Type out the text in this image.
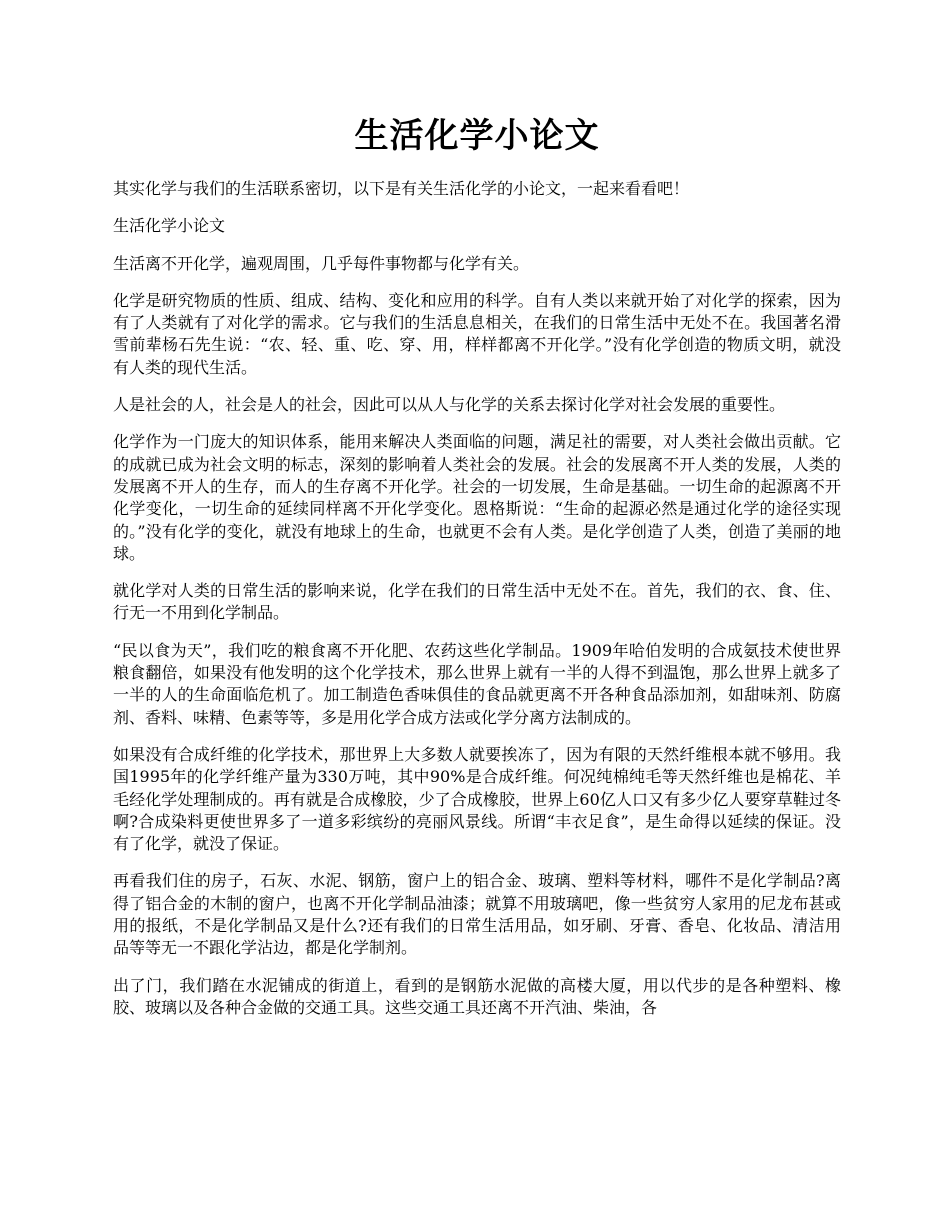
生活化学小论文

其实化学与我们的生活联系密切，以下是有关生活化学的小论文，一起来看看吧！

生活化学小论文

生活离不开化学，遍观周围，几乎每件事物都与化学有关。

化学是研究物质的性质、组成、结构、变化和应用的科学。自有人类以来就开始了对化学的探索，因为有了人类就有了对化学的需求。它与我们的生活息息相关，在我们的日常生活中无处不在。我国著名滑雪前辈杨石先生说：“农、轻、重、吃、穿、用，样样都离不开化学。”没有化学创造的物质文明，就没有人类的现代生活。

人是社会的人，社会是人的社会，因此可以从人与化学的关系去探讨化学对社会发展的重要性。

化学作为一门庞大的知识体系，能用来解决人类面临的问题，满足社的需要，对人类社会做出贡献。它的成就已成为社会文明的标志，深刻的影响着人类社会的发展。社会的发展离不开人类的发展，人类的发展离不开人的生存，而人的生存离不开化学。社会的一切发展，生命是基础。一切生命的起源离不开化学变化，一切生命的延续同样离不开化学变化。恩格斯说：“生命的起源必然是通过化学的途径实现的。”没有化学的变化，就没有地球上的生命，也就更不会有人类。是化学创造了人类，创造了美丽的地球。

就化学对人类的日常生活的影响来说，化学在我们的日常生活中无处不在。首先，我们的衣、食、住、行无一不用到化学制品。

“民以食为天”，我们吃的粮食离不开化肥、农药这些化学制品。1909年哈伯发明的合成氨技术使世界粮食翻倍，如果没有他发明的这个化学技术，那么世界上就有一半的人得不到温饱，那么世界上就多了一半的人的生命面临危机了。加工制造色香味俱佳的食品就更离不开各种食品添加剂，如甜味剂、防腐剂、香料、味精、色素等等，多是用化学合成方法或化学分离方法制成的。

如果没有合成纤维的化学技术，那世界上大多数人就要挨冻了，因为有限的天然纤维根本就不够用。我国1995年的化学纤维产量为330万吨，其中90%是合成纤维。何况纯棉纯毛等天然纤维也是棉花、羊毛经化学处理制成的。再有就是合成橡胶，少了合成橡胶，世界上60亿人口又有多少亿人要穿草鞋过冬啊?合成染料更使世界多了一道多彩缤纷的亮丽风景线。所谓“丰衣足食”，是生命得以延续的保证。没有了化学，就没了保证。

再看我们住的房子，石灰、水泥、钢筋，窗户上的铝合金、玻璃、塑料等材料，哪件不是化学制品?离得了铝合金的木制的窗户，也离不开化学制品油漆；就算不用玻璃吧，像一些贫穷人家用的尼龙布甚或用的报纸，不是化学制品又是什么?还有我们的日常生活用品，如牙刷、牙膏、香皂、化妆品、清洁用品等等无一不跟化学沾边，都是化学制剂。

出了门，我们踏在水泥铺成的街道上，看到的是钢筋水泥做的高楼大厦，用以代步的是各种塑料、橡胶、玻璃以及各种合金做的交通工具。这些交通工具还离不开汽油、柴油，各
